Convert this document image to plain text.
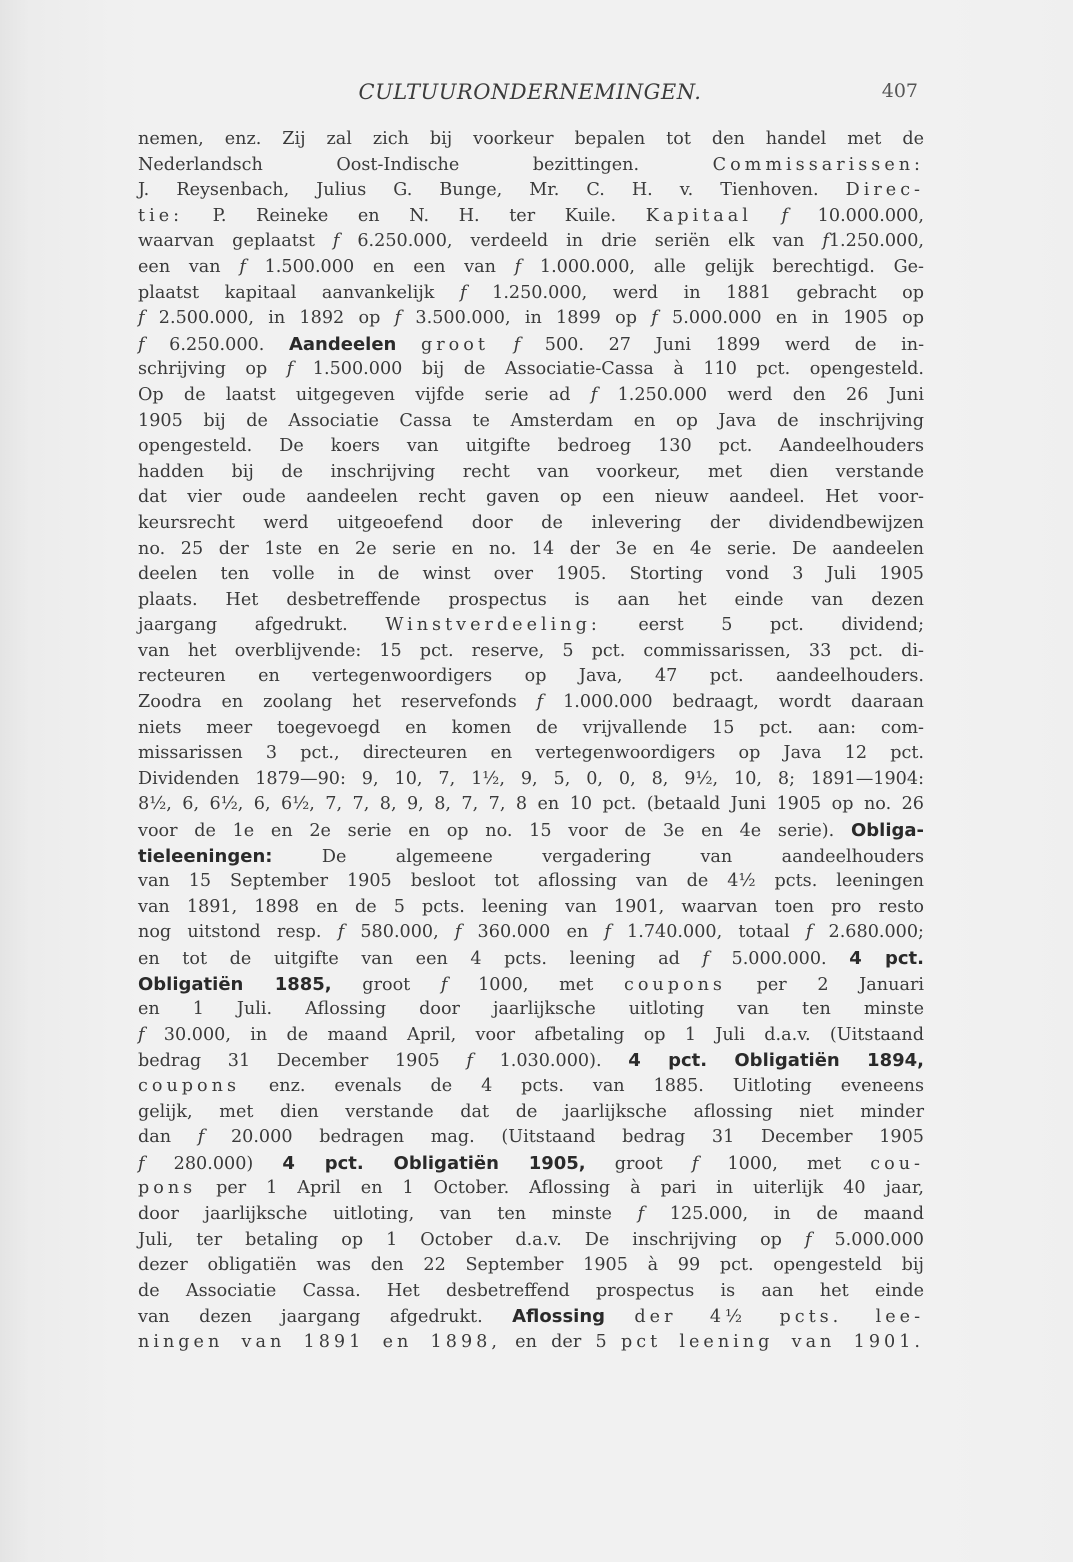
CULTUURONDERNEMINGEN.	407
nemen, enz. Zij zal zich bij voorkeur bepalen tot den handel met de
Nederlandsch Oost-Indische bezittingen. Commissarissen:
J. Reysenbach, Julius G. Bunge, Mr. C. H. v. Tienhoven. Direc-
tie: P. Reineke en N. H. ter Kuile. Kapitaal f 10.000.000,
waarvan geplaatst f 6.250.000, verdeeld in drie seriën elk van f1.250.000,
een van f 1.500.000 en een van f 1.000.000, alle gelijk berechtigd. Ge-
plaatst kapitaal aanvankelijk f 1.250.000, werd in 1881 gebracht op
f 2.500.000, in 1892 op f 3.500.000, in 1899 op f 5.000.000 en in 1905 op
f 6.250.000. Aandeelen groot f 500. 27 Juni 1899 werd de in-
schrijving op f 1.500.000 bij de Associatie-Cassa à 110 pct. opengesteld.
Op de laatst uitgegeven vijfde serie ad f 1.250.000 werd den 26 Juni
1905 bij de Associatie Cassa te Amsterdam en op Java de inschrijving
opengesteld. De koers van uitgifte bedroeg 130 pct. Aandeelhouders
hadden bij de inschrijving recht van voorkeur, met dien verstande
dat vier oude aandeelen recht gaven op een nieuw aandeel. Het voor-
keursrecht werd uitgeoefend door de inlevering der dividendbewijzen
no. 25 der 1ste en 2e serie en no. 14 der 3e en 4e serie. De aandeelen
deelen ten volle in de winst over 1905. Storting vond 3 Juli 1905
plaats. Het desbetreffende prospectus is aan het einde van dezen
jaargang afgedrukt. Winstverdeeling: eerst 5 pct. dividend;
van het overblijvende: 15 pct. reserve, 5 pct. commissarissen, 33 pct. di-
recteuren en vertegenwoordigers op Java, 47 pct. aandeelhouders.
Zoodra en zoolang het reservefonds f 1.000.000 bedraagt, wordt daaraan
niets meer toegevoegd en komen de vrijvallende 15 pct. aan: com-
missarissen 3 pct., directeuren en vertegenwoordigers op Java 12 pct.
Dividenden 1879—90: 9, 10, 7, 1½, 9, 5, 0, 0, 8, 9½, 10, 8; 1891—1904:
8½, 6, 6½, 6, 6½, 7, 7, 8, 9, 8, 7, 7, 8 en 10 pct. (betaald Juni 1905 op no. 26
voor de 1e en 2e serie en op no. 15 voor de 3e en 4e serie). Obliga-
tieleeningen: De algemeene vergadering van aandeelhouders
van 15 September 1905 besloot tot aflossing van de 4½ pcts. leeningen
van 1891, 1898 en de 5 pcts. leening van 1901, waarvan toen pro resto
nog uitstond resp. f 580.000, f 360.000 en f 1.740.000, totaal f 2.680.000;
en tot de uitgifte van een 4 pcts. leening ad f 5.000.000. 4 pct.
Obligatiën 1885, groot f 1000, met coupons per 2 Januari
en 1 Juli. Aflossing door jaarlijksche uitloting van ten minste
f 30.000, in de maand April, voor afbetaling op 1 Juli d.a.v. (Uitstaand
bedrag 31 December 1905 f 1.030.000). 4 pct. Obligatiën 1894,
coupons enz. evenals de 4 pcts. van 1885. Uitloting eveneens
gelijk, met dien verstande dat de jaarlijksche aflossing niet minder
dan f 20.000 bedragen mag. (Uitstaand bedrag 31 December 1905
f 280.000) 4 pct. Obligatiën 1905, groot f 1000, met cou-
pons per 1 April en 1 October. Aflossing à pari in uiterlijk 40 jaar,
door jaarlijksche uitloting, van ten minste f 125.000, in de maand
Juli, ter betaling op 1 October d.a.v. De inschrijving op f 5.000.000
dezer obligatiën was den 22 September 1905 à 99 pct. opengesteld bij
de Associatie Cassa. Het desbetreffend prospectus is aan het einde
van dezen jaargang afgedrukt. Aflossing der 4½ pcts. lee-
ningen van 1891 en 1898, en der 5 pct leening van 1901.
